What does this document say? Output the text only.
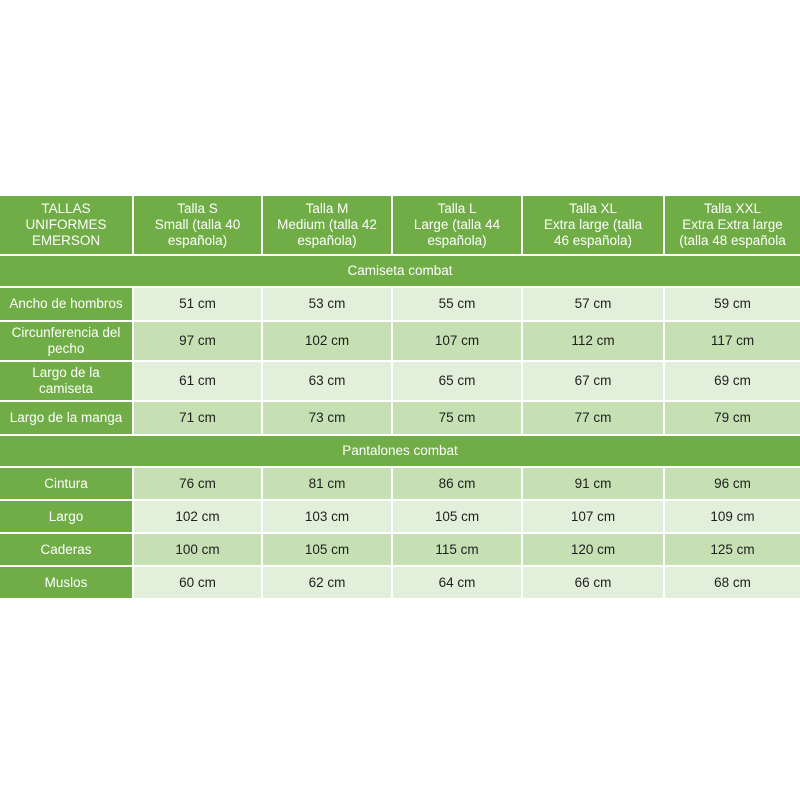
TALLAS
UNIFORMES
EMERSON	Talla S
Small (talla 40
española)	Talla M
Medium (talla 42
española)	Talla L
Large (talla 44
española)	Talla XL
Extra large (talla
46 española)	Talla XXL
Extra Extra large
(talla 48 española
Camiseta combat					
Ancho de hombros	51 cm	53 cm	55 cm	57 cm	59 cm
Circunferencia del
pecho	97 cm	102 cm	107 cm	112 cm	117 cm
Largo de la
camiseta	61 cm	63 cm	65 cm	67 cm	69 cm
Largo de la manga	71 cm	73 cm	75 cm	77 cm	79 cm
Pantalones combat					
Cintura	76 cm	81 cm	86 cm	91 cm	96 cm
Largo	102 cm	103 cm	105 cm	107 cm	109 cm
Caderas	100 cm	105 cm	115 cm	120 cm	125 cm
Muslos	60 cm	62 cm	64 cm	66 cm	68 cm
